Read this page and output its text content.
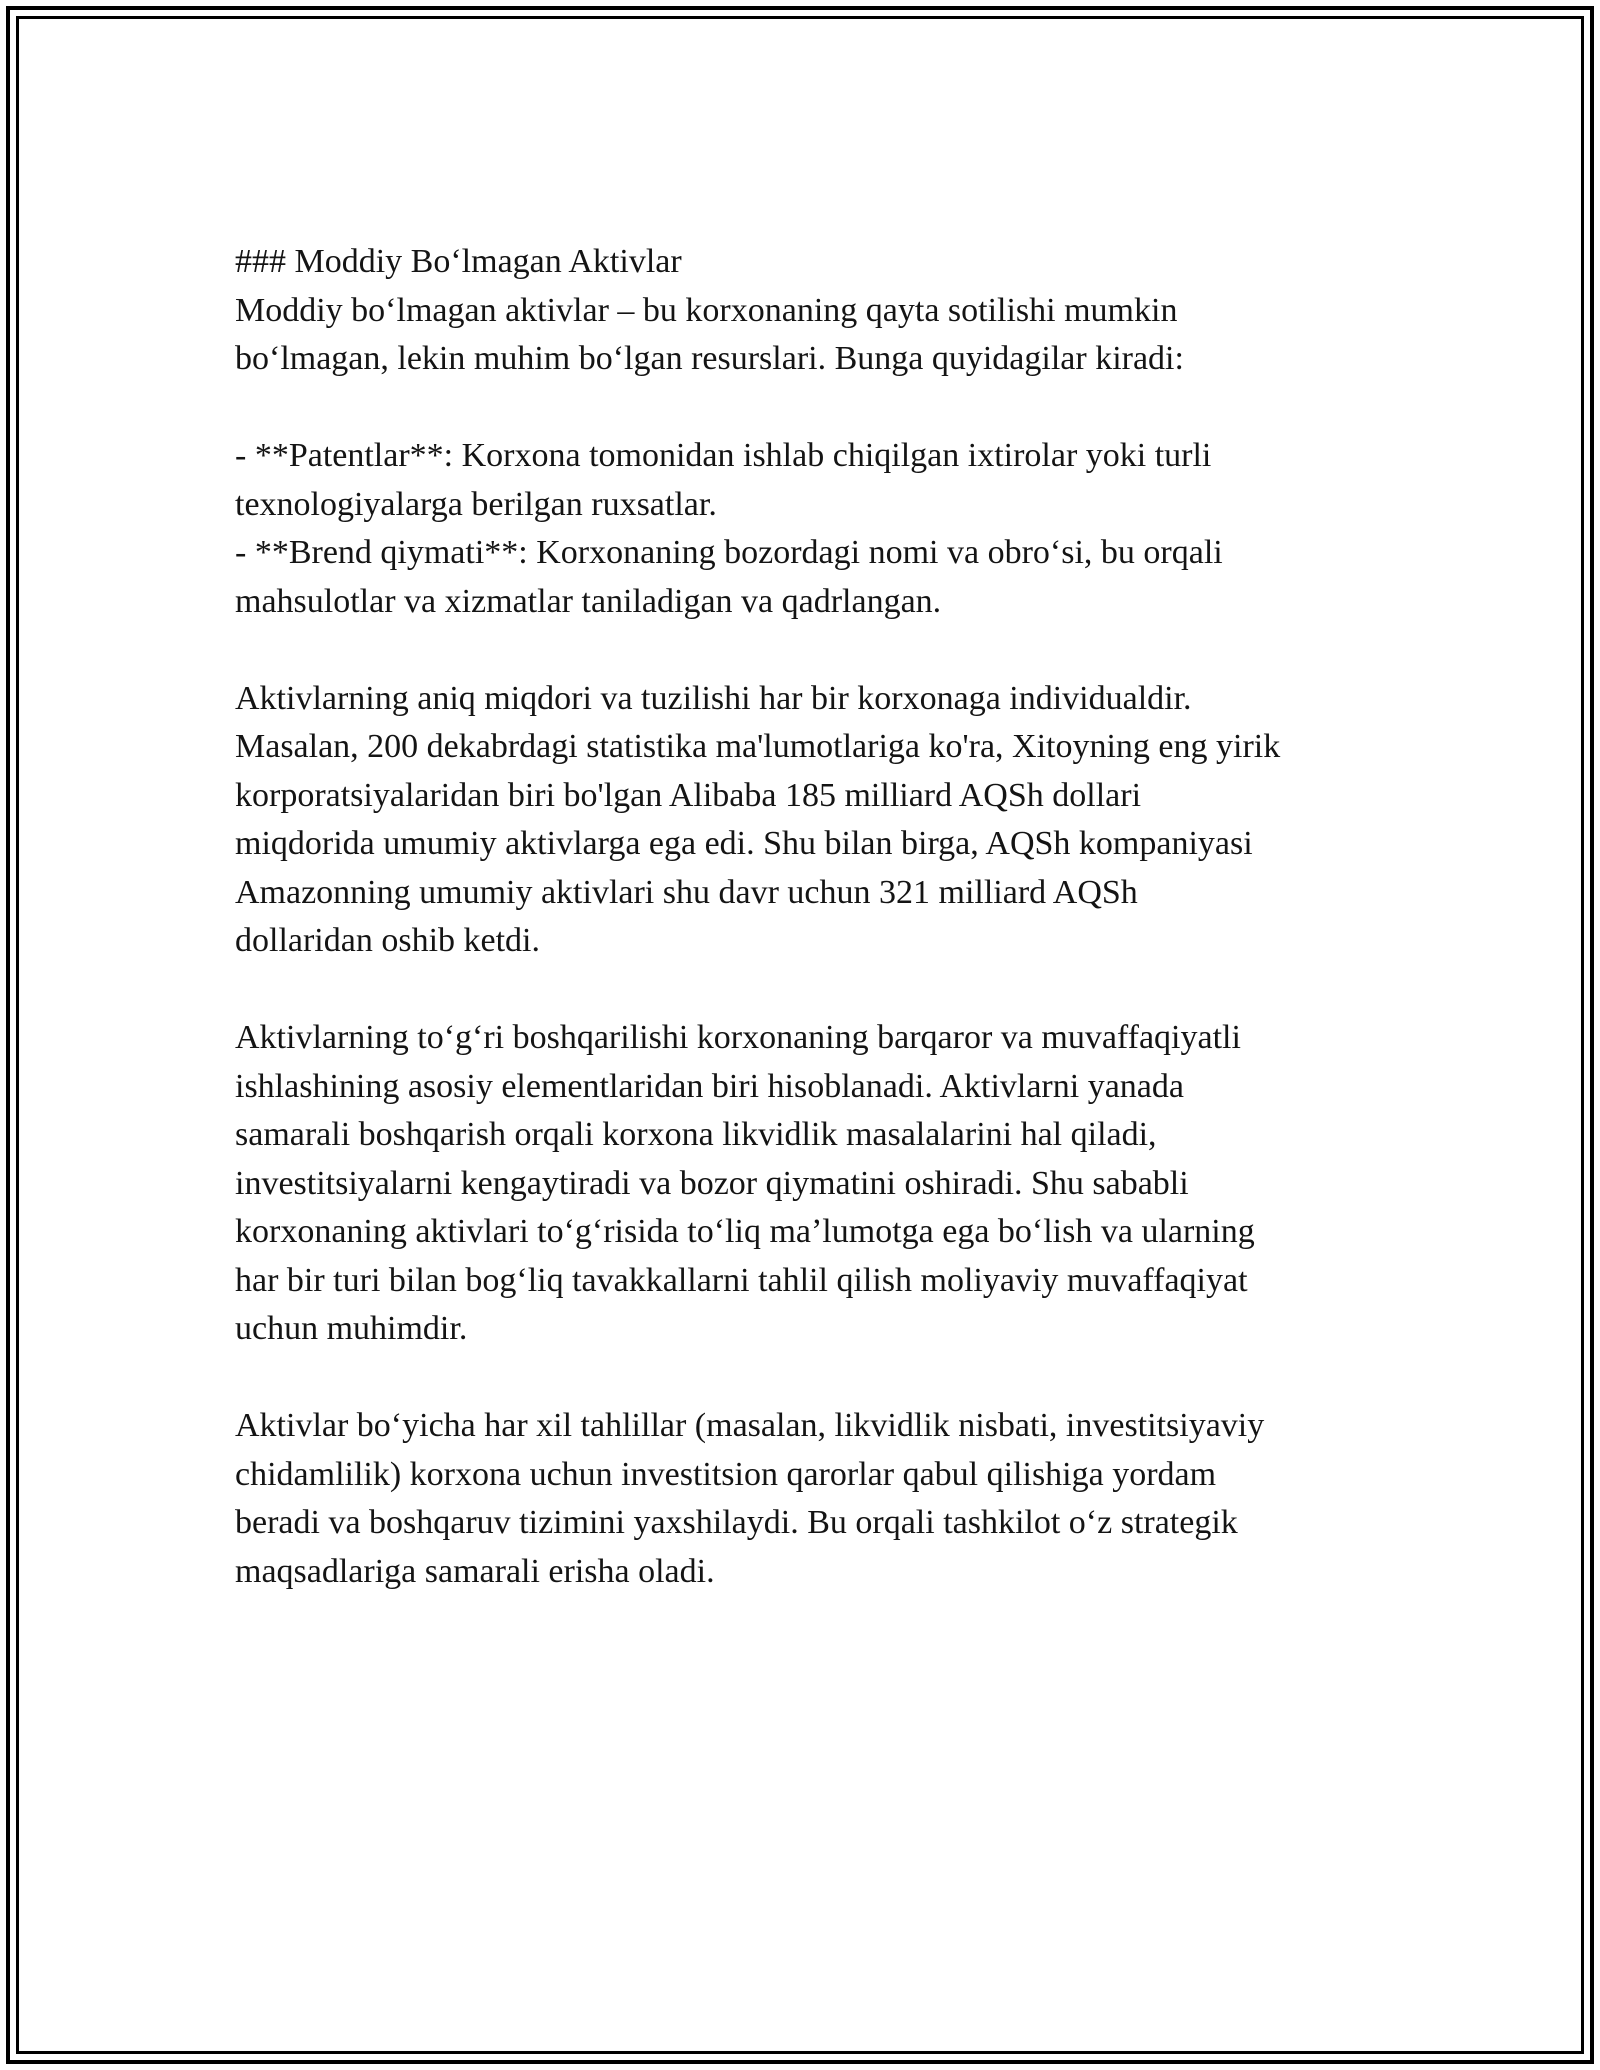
### Moddiy Boʻlmagan Aktivlar
Moddiy boʻlmagan aktivlar – bu korxonaning qayta sotilishi mumkin
boʻlmagan, lekin muhim boʻlgan resurslari. Bunga quyidagilar kiradi:
- **Patentlar**: Korxona tomonidan ishlab chiqilgan ixtirolar yoki turli
texnologiyalarga berilgan ruxsatlar.
- **Brend qiymati**: Korxonaning bozordagi nomi va obroʻsi, bu orqali
mahsulotlar va xizmatlar taniladigan va qadrlangan.
Aktivlarning aniq miqdori va tuzilishi har bir korxonaga individualdir.
Masalan, 200 dekabrdagi statistika ma'lumotlariga ko'ra, Xitoyning eng yirik
korporatsiyalaridan biri bo'lgan Alibaba 185 milliard AQSh dollari
miqdorida umumiy aktivlarga ega edi. Shu bilan birga, AQSh kompaniyasi
Amazonning umumiy aktivlari shu davr uchun 321 milliard AQSh
dollaridan oshib ketdi.
Aktivlarning toʻgʻri boshqarilishi korxonaning barqaror va muvaffaqiyatli
ishlashining asosiy elementlaridan biri hisoblanadi. Aktivlarni yanada
samarali boshqarish orqali korxona likvidlik masalalarini hal qiladi,
investitsiyalarni kengaytiradi va bozor qiymatini oshiradi. Shu sababli
korxonaning aktivlari toʻgʻrisida toʻliq maʼlumotga ega boʻlish va ularning
har bir turi bilan bogʻliq tavakkallarni tahlil qilish moliyaviy muvaffaqiyat
uchun muhimdir.
Aktivlar boʻyicha har xil tahlillar (masalan, likvidlik nisbati, investitsiyaviy
chidamlilik) korxona uchun investitsion qarorlar qabul qilishiga yordam
beradi va boshqaruv tizimini yaxshilaydi. Bu orqali tashkilot oʻz strategik
maqsadlariga samarali erisha oladi.
